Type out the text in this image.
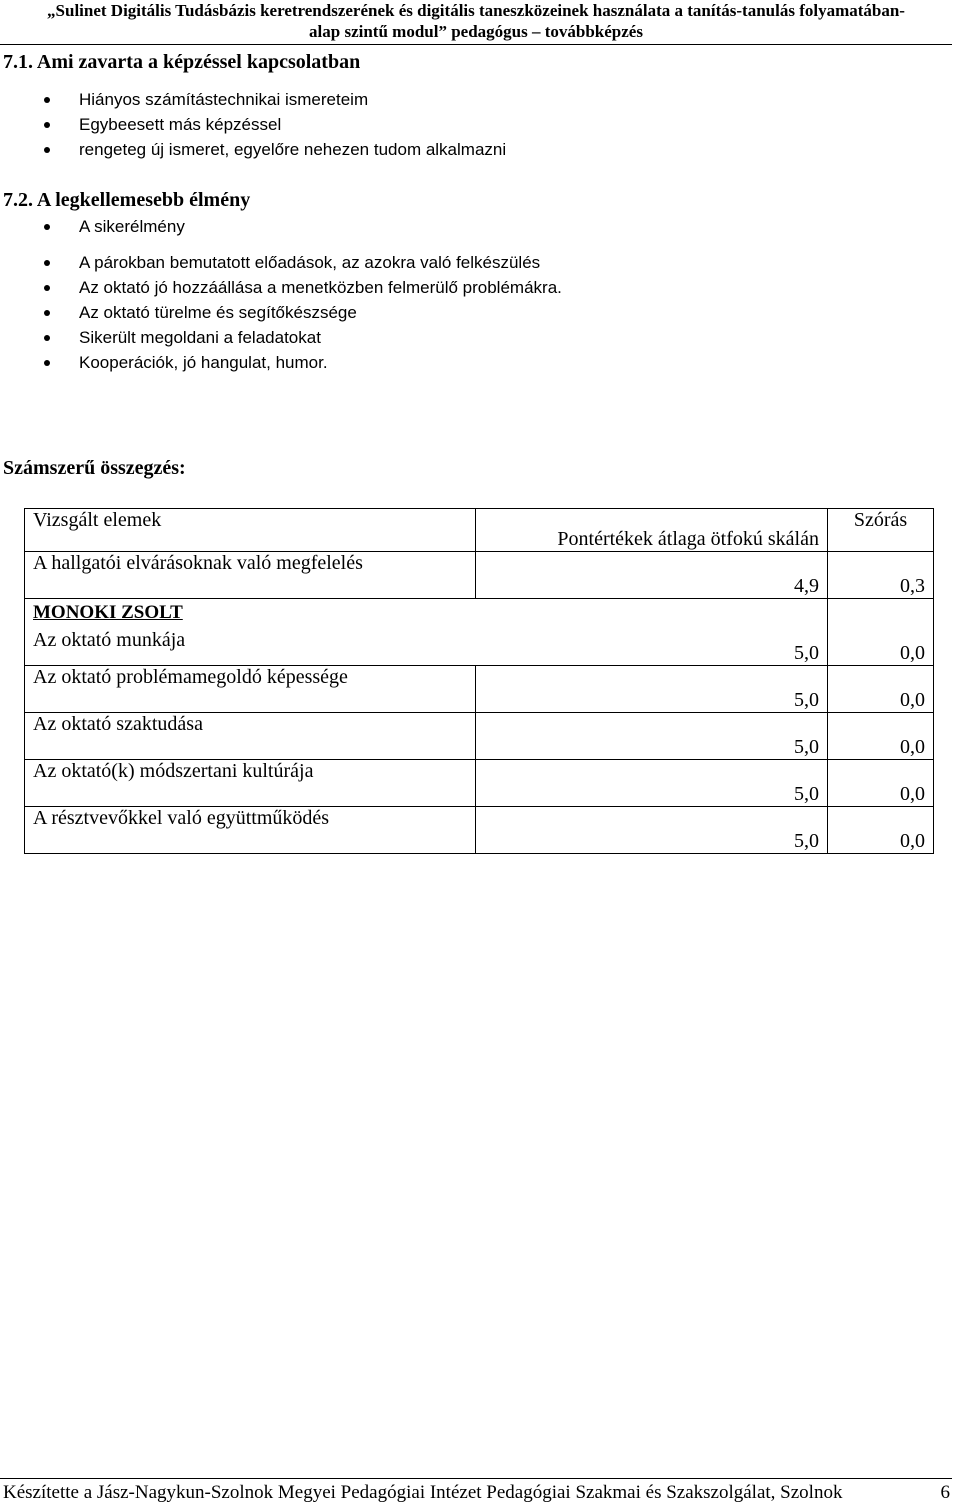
„Sulinet Digitális Tudásbázis keretrendszerének és digitális taneszközeinek használata a tanítás-tanulás folyamatában-
alap szintű modul” pedagógus – továbbképzés
7.1. Ami zavarta a képzéssel kapcsolatban
Hiányos számítástechnikai ismereteim
Egybeesett más képzéssel
rengeteg új ismeret, egyelőre nehezen tudom alkalmazni
7.2. A legkellemesebb élmény
A sikerélmény
A párokban bemutatott előadások, az azokra való felkészülés
Az oktató jó hozzáállása a menetközben felmerülő problémákra.
Az oktató türelme és segítőkészsége
Sikerült megoldani a feladatokat
Kooperációk, jó hangulat, humor.
Számszerű összegzés:
Vizsgált elemek	Pontértékek átlaga ötfokú skálán	Szórás
A hallgatói elvárásoknak való megfelelés	4,9	0,3

MONOKI ZSOLT
Az oktató munkája	5,0	0,0
Az oktató problémamegoldó képessége	5,0	0,0
Az oktató szaktudása	5,0	0,0
Az oktató(k) módszertani kultúrája	5,0	0,0
A résztvevőkkel való együttműködés	5,0	0,0
Készítette a Jász-Nagykun-Szolnok Megyei Pedagógiai Intézet Pedagógiai Szakmai és Szakszolgálat, Szolnok	6
